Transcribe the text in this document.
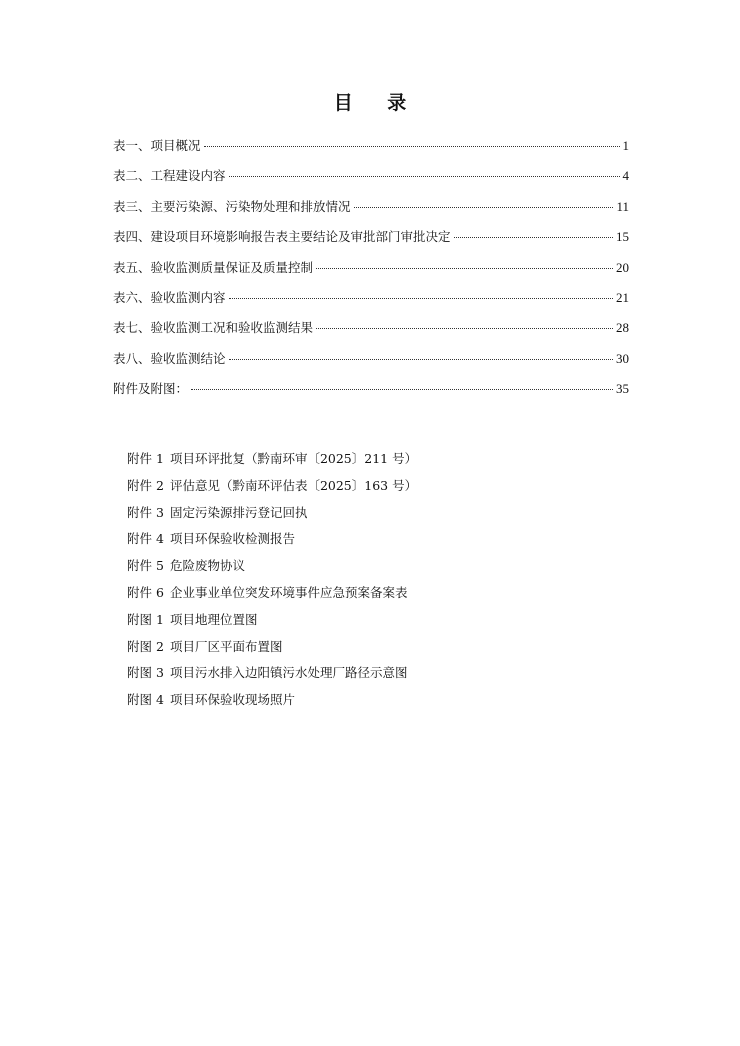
目 录
表一、项目概况	1
表二、工程建设内容	4
表三、主要污染源、污染物处理和排放情况	11
表四、建设项目环境影响报告表主要结论及审批部门审批决定	15
表五、验收监测质量保证及质量控制	20
表六、验收监测内容	21
表七、验收监测工况和验收监测结果	28
表八、验收监测结论	30
附件及附图：	35
附件 1 项目环评批复（黔南环审〔2025〕211 号）
附件 2 评估意见（黔南环评估表〔2025〕163 号）
附件 3 固定污染源排污登记回执
附件 4 项目环保验收检测报告
附件 5 危险废物协议
附件 6 企业事业单位突发环境事件应急预案备案表
附图 1 项目地理位置图
附图 2 项目厂区平面布置图
附图 3 项目污水排入边阳镇污水处理厂路径示意图
附图 4 项目环保验收现场照片
